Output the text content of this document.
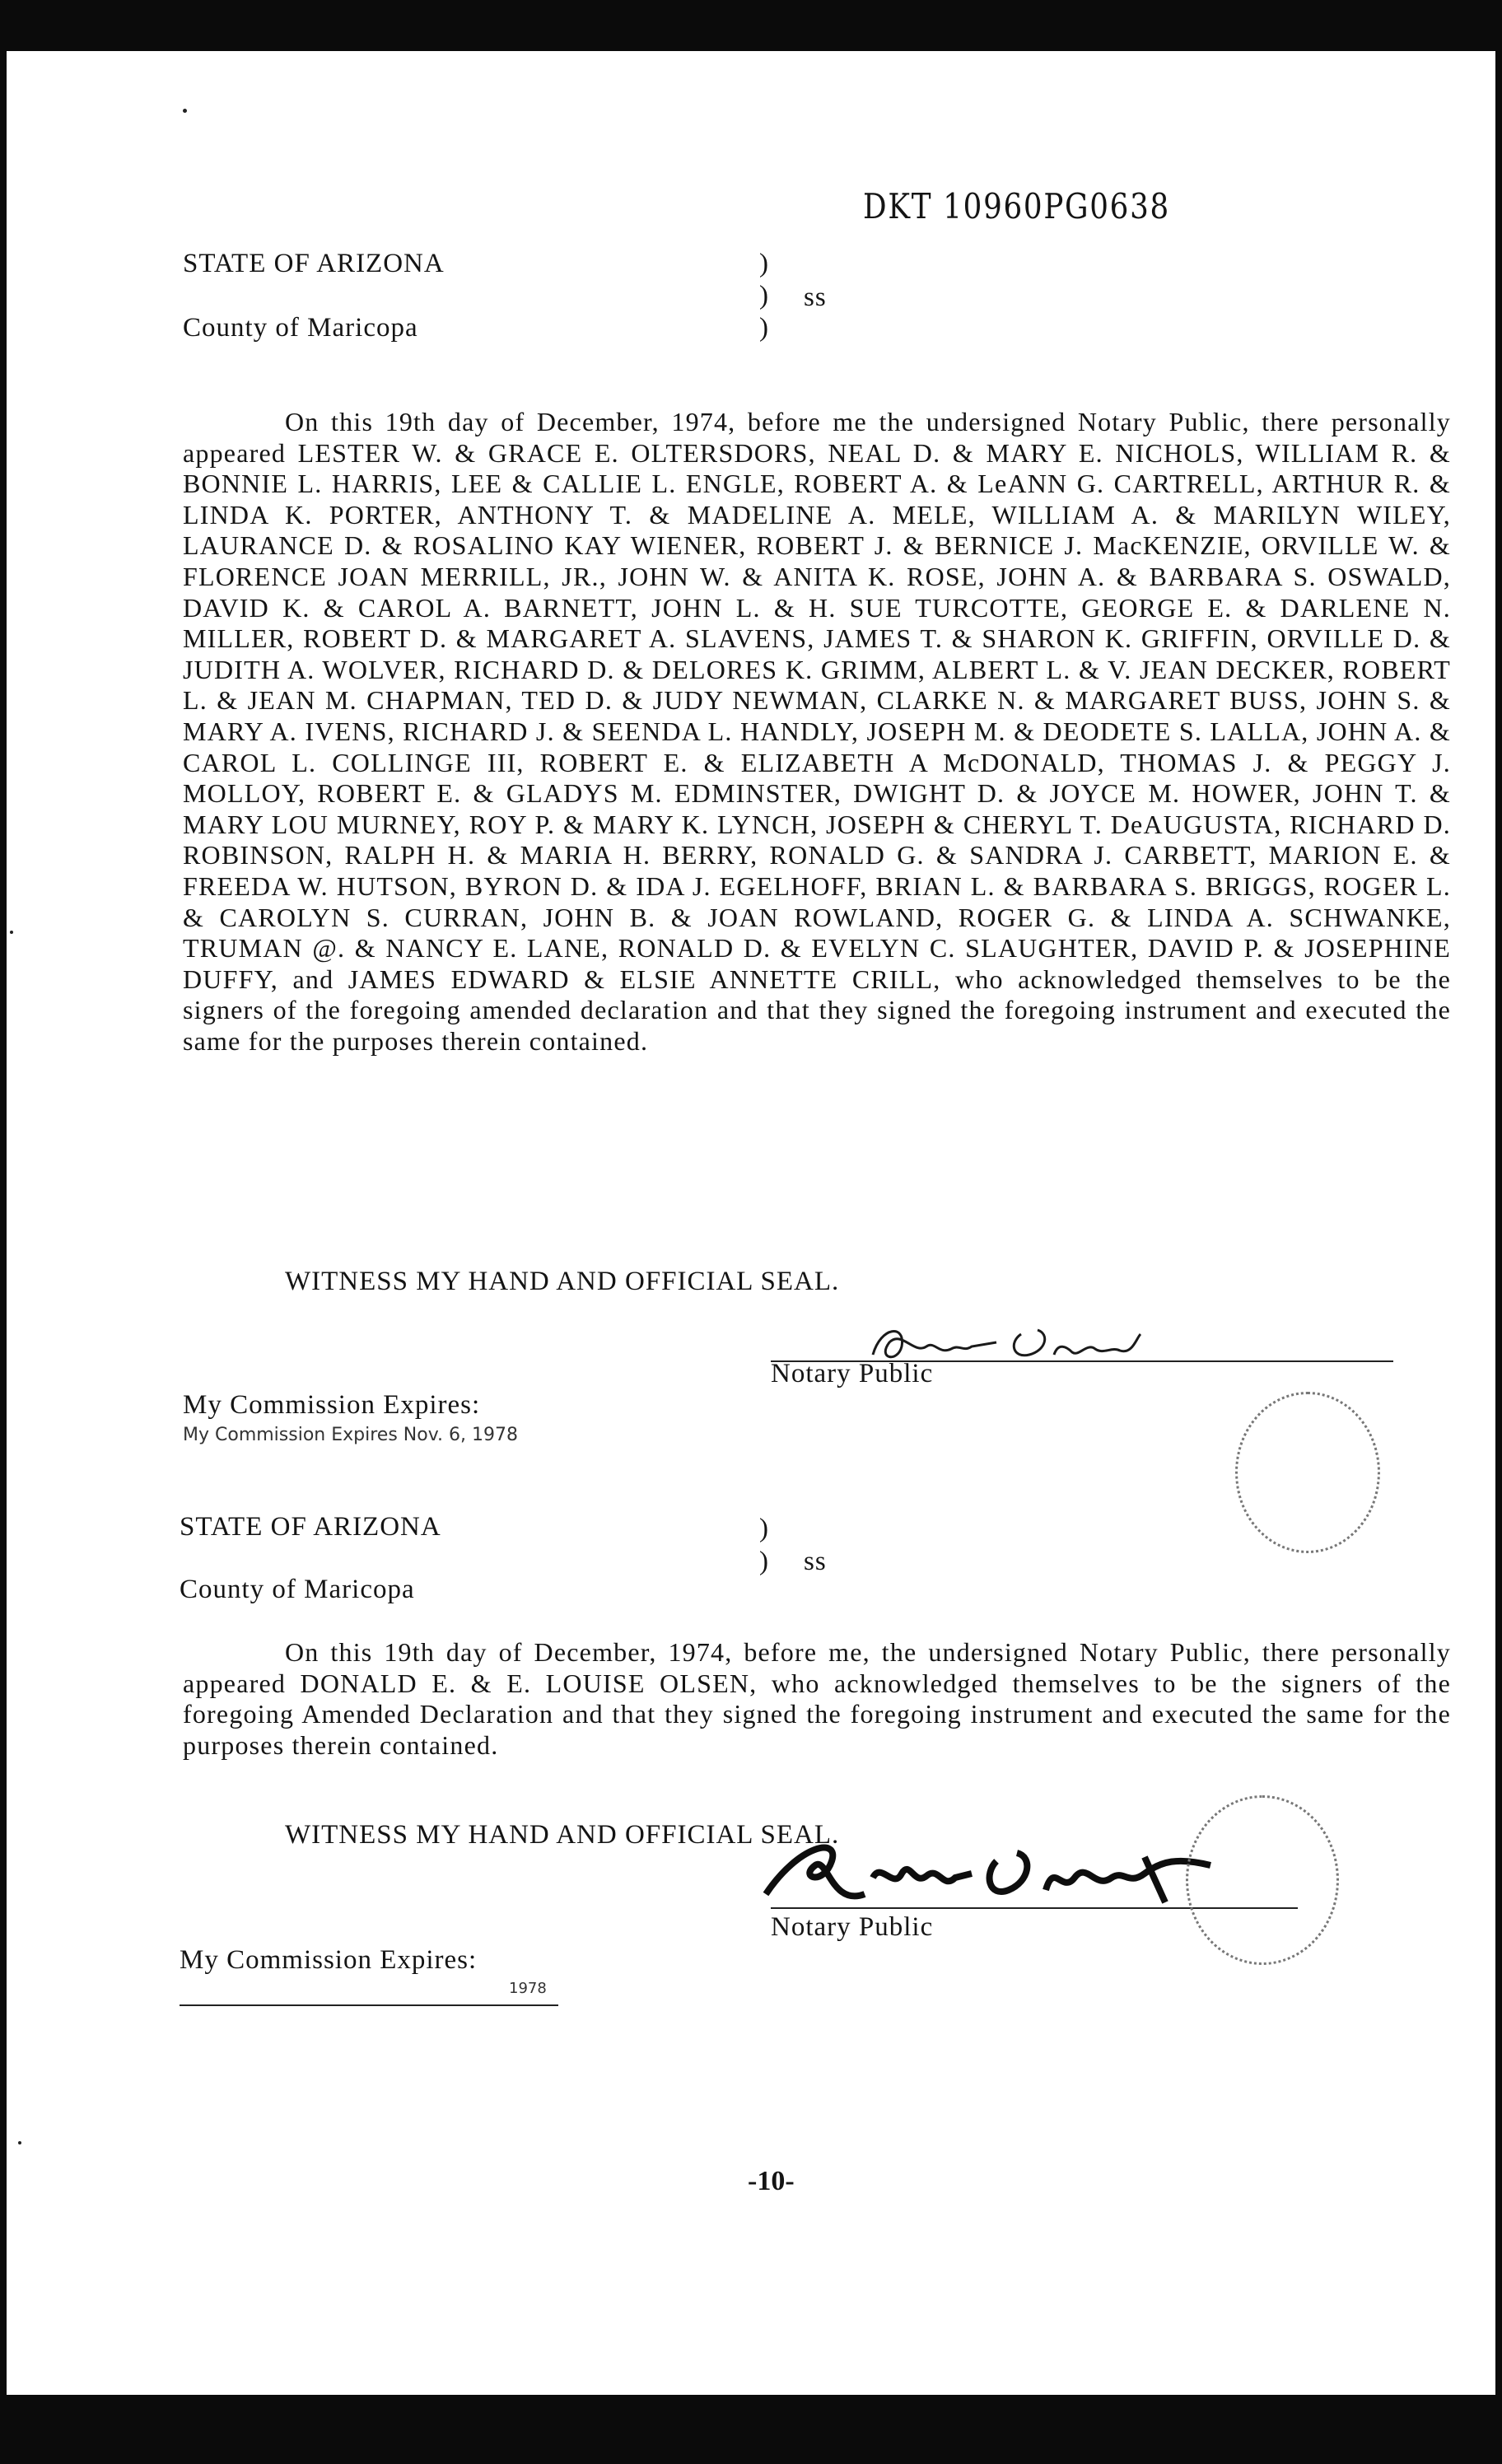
DKT 10960PG0638
STATE OF ARIZONA
County of Maricopa
)
)
)
ss
On this 19th day of December, 1974, before me the undersigned Notary Public, there personally appeared LESTER W. & GRACE E. OLTERSDORS, NEAL D. & MARY E. NICHOLS, WILLIAM R. & BONNIE L. HARRIS, LEE & CALLIE L. ENGLE, ROBERT A. & LeANN G. CARTRELL, ARTHUR R. & LINDA K. PORTER, ANTHONY T. & MADELINE A. MELE, WILLIAM A. & MARILYN WILEY, LAURANCE D. & ROSALINO KAY WIENER, ROBERT J. & BERNICE J. MacKENZIE, ORVILLE W. & FLORENCE JOAN MERRILL, JR., JOHN W. & ANITA K. ROSE, JOHN A. & BARBARA S. OSWALD, DAVID K. & CAROL A. BARNETT, JOHN L. & H. SUE TURCOTTE, GEORGE E. & DARLENE N. MILLER, ROBERT D. & MARGARET A. SLAVENS, JAMES T. & SHARON K. GRIFFIN, ORVILLE D. & JUDITH A. WOLVER, RICHARD D. & DELORES K. GRIMM, ALBERT L. & V. JEAN DECKER, ROBERT L. & JEAN M. CHAPMAN, TED D. & JUDY NEWMAN, CLARKE N. & MARGARET BUSS, JOHN S. & MARY A. IVENS, RICHARD J. & SEENDA L. HANDLY, JOSEPH M. & DEODETE S. LALLA, JOHN A. & CAROL L. COLLINGE III, ROBERT E. & ELIZABETH A McDONALD, THOMAS J. & PEGGY J. MOLLOY, ROBERT E. & GLADYS M. EDMINSTER, DWIGHT D. & JOYCE M. HOWER, JOHN T. & MARY LOU MURNEY, ROY P. & MARY K. LYNCH, JOSEPH & CHERYL T. DeAUGUSTA, RICHARD D. ROBINSON, RALPH H. & MARIA H. BERRY, RONALD G. & SANDRA J. CARBETT, MARION E. & FREEDA W. HUTSON, BYRON D. & IDA J. EGELHOFF, BRIAN L. & BARBARA S. BRIGGS, ROGER L. & CAROLYN S. CURRAN, JOHN B. & JOAN ROWLAND, ROGER G. & LINDA A. SCHWANKE, TRUMAN @. & NANCY E. LANE, RONALD D. & EVELYN C. SLAUGHTER, DAVID P. & JOSEPHINE DUFFY, and JAMES EDWARD & ELSIE ANNETTE CRILL, who acknowledged themselves to be the signers of the foregoing amended declaration and that they signed the foregoing instrument and executed the same for the purposes therein contained.
WITNESS MY HAND AND OFFICIAL SEAL.
Notary Public
My Commission Expires:
My Commission Expires Nov. 6, 1978
STATE OF ARIZONA
County of Maricopa
)
) ss
On this 19th day of December, 1974, before me, the undersigned Notary Public, there personally appeared DONALD E. & E. LOUISE OLSEN, who acknowledged themselves to be the signers of the foregoing Amended Declaration and that they signed the foregoing instrument and executed the same for the purposes therein contained.
WITNESS MY HAND AND OFFICIAL SEAL.
Notary Public
My Commission Expires:
1978
-10-
